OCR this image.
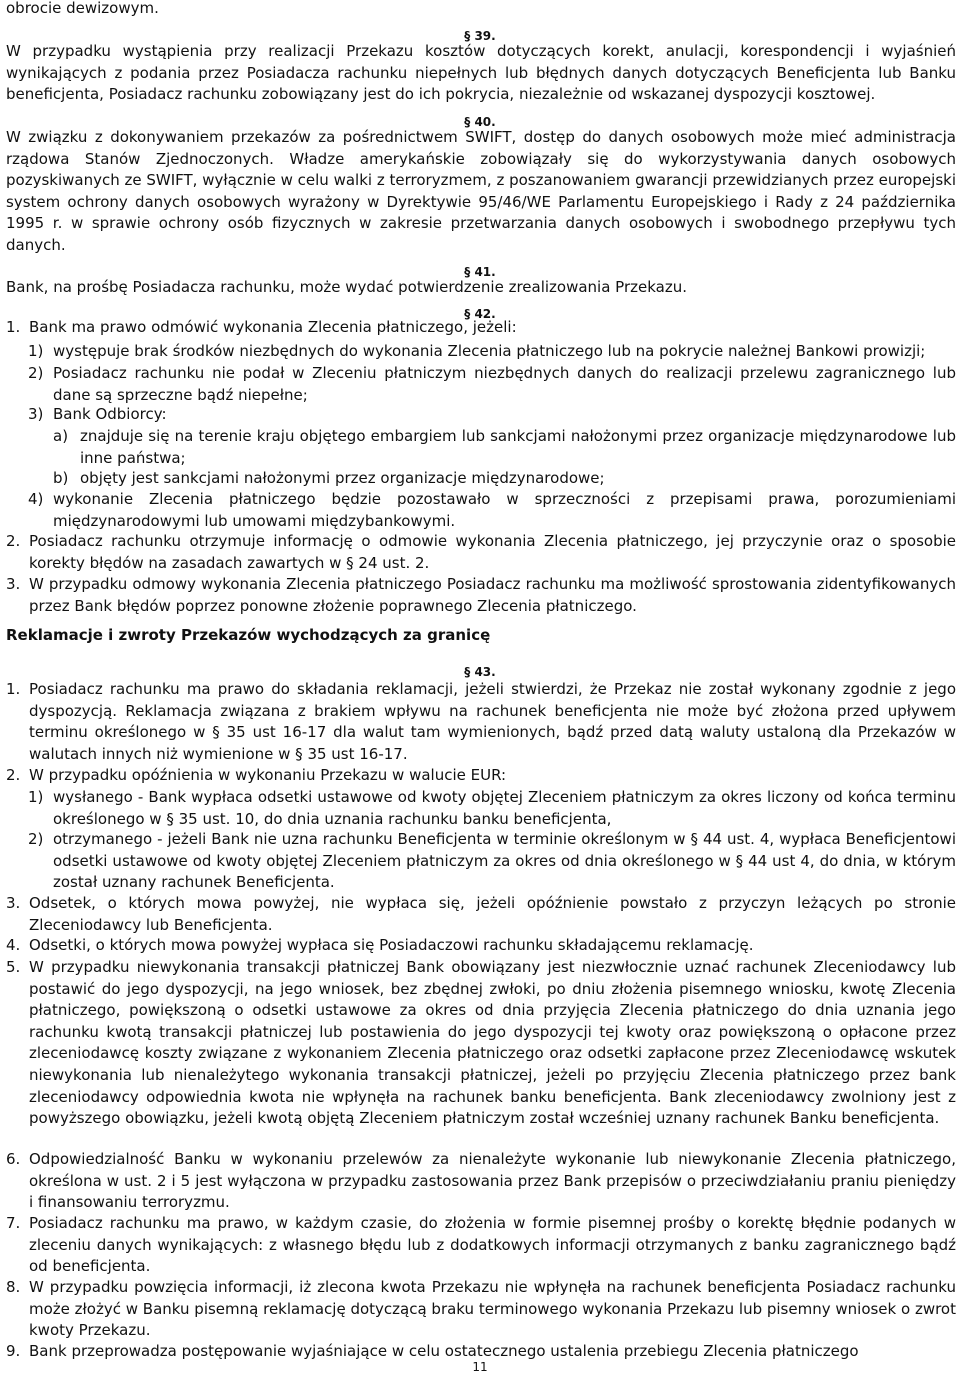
obrocie dewizowym.

§ 39.

W przypadku wystąpienia przy realizacji Przekazu kosztów dotyczących korekt, anulacji, korespondencji i wyjaśnień wynikających z podania przez Posiadacza rachunku niepełnych lub błędnych danych dotyczących Beneficjenta lub Banku beneficjenta, Posiadacz rachunku zobowiązany jest do ich pokrycia, niezależnie od wskazanej dyspozycji kosztowej.

§ 40.

W związku z dokonywaniem przekazów za pośrednictwem SWIFT, dostęp do danych osobowych może mieć administracja rządowa Stanów Zjednoczonych. Władze amerykańskie zobowiązały się do wykorzystywania danych osobowych pozyskiwanych ze SWIFT, wyłącznie w celu walki z terroryzmem, z poszanowaniem gwarancji przewidzianych przez europejski system ochrony danych osobowych wyrażony w Dyrektywie 95/46/WE Parlamentu Europejskiego i Rady z 24 października 1995 r. w sprawie ochrony osób fizycznych w zakresie przetwarzania danych osobowych i swobodnego przepływu tych danych.

§ 41.

Bank, na prośbę Posiadacza rachunku, może wydać potwierdzenie zrealizowania Przekazu.

§ 42.
1. Bank ma prawo odmówić wykonania Zlecenia płatniczego, jeżeli:

1) występuje brak środków niezbędnych do wykonania Zlecenia płatniczego lub na pokrycie należnej Bankowi prowizji;

2) Posiadacz rachunku nie podał w Zleceniu płatniczym niezbędnych danych do realizacji przelewu zagranicznego lub dane są sprzeczne bądź niepełne;

3) Bank Odbiorcy:

a) znajduje się na terenie kraju objętego embargiem lub sankcjami nałożonymi przez organizacje międzynarodowe lub inne państwa;

b) objęty jest sankcjami nałożonymi przez organizacje międzynarodowe;

4) wykonanie Zlecenia płatniczego będzie pozostawało w sprzeczności z przepisami prawa, porozumieniami międzynarodowymi lub umowami międzybankowymi.

2. Posiadacz rachunku otrzymuje informację o odmowie wykonania Zlecenia płatniczego, jej przyczynie oraz o sposobie korekty błędów na zasadach zawartych w § 24 ust. 2.

3. W przypadku odmowy wykonania Zlecenia płatniczego Posiadacz rachunku ma możliwość sprostowania zidentyfikowanych przez Bank błędów poprzez ponowne złożenie poprawnego Zlecenia płatniczego.

Reklamacje i zwroty Przekazów wychodzących za granicę

§ 43.
1. Posiadacz rachunku ma prawo do składania reklamacji, jeżeli stwierdzi, że Przekaz nie został wykonany zgodnie z jego dyspozycją. Reklamacja związana z brakiem wpływu na rachunek beneficjenta nie może być złożona przed upływem terminu określonego w § 35 ust 16-17 dla walut tam wymienionych, bądź przed datą waluty ustaloną dla Przekazów w walutach innych niż wymienione w § 35 ust 16-17.

2. W przypadku opóźnienia w wykonaniu Przekazu w walucie EUR:

1) wysłanego - Bank wypłaca odsetki ustawowe od kwoty objętej Zleceniem płatniczym za okres liczony od końca terminu określonego w § 35 ust. 10, do dnia uznania rachunku banku beneficjenta,

2) otrzymanego - jeżeli Bank nie uzna rachunku Beneficjenta w terminie określonym w § 44 ust. 4, wypłaca Beneficjentowi odsetki ustawowe od kwoty objętej Zleceniem płatniczym za okres od dnia określonego w § 44 ust 4, do dnia, w którym został uznany rachunek Beneficjenta.

3. Odsetek, o których mowa powyżej, nie wypłaca się, jeżeli opóźnienie powstało z przyczyn leżących po stronie Zleceniodawcy lub Beneficjenta.

4. Odsetki, o których mowa powyżej wypłaca się Posiadaczowi rachunku składającemu reklamację.

5. W przypadku niewykonania transakcji płatniczej Bank obowiązany jest niezwłocznie uznać rachunek Zleceniodawcy lub postawić do jego dyspozycji, na jego wniosek, bez zbędnej zwłoki, po dniu złożenia pisemnego wniosku, kwotę Zlecenia płatniczego, powiększoną o odsetki ustawowe za okres od dnia przyjęcia Zlecenia płatniczego do dnia uznania jego rachunku kwotą transakcji płatniczej lub postawienia do jego dyspozycji tej kwoty oraz powiększoną o opłacone przez zleceniodawcę koszty związane z wykonaniem Zlecenia płatniczego oraz odsetki zapłacone przez Zleceniodawcę wskutek niewykonania lub nienależytego wykonania transakcji płatniczej, jeżeli po przyjęciu Zlecenia płatniczego przez bank zleceniodawcy odpowiednia kwota nie wpłynęła na rachunek banku beneficjenta. Bank zleceniodawcy zwolniony jest z powyższego obowiązku, jeżeli kwotą objętą Zleceniem płatniczym został wcześniej uznany rachunek Banku beneficjenta.

6. Odpowiedzialność Banku w wykonaniu przelewów za nienależyte wykonanie lub niewykonanie Zlecenia płatniczego, określona w ust. 2 i 5 jest wyłączona w przypadku zastosowania przez Bank przepisów o przeciwdziałaniu praniu pieniędzy i finansowaniu terroryzmu.

7. Posiadacz rachunku ma prawo, w każdym czasie, do złożenia w formie pisemnej prośby o korektę błędnie podanych w zleceniu danych wynikających: z własnego błędu lub z dodatkowych informacji otrzymanych z banku zagranicznego bądź od beneficjenta.

8. W przypadku powzięcia informacji, iż zlecona kwota Przekazu nie wpłynęła na rachunek beneficjenta Posiadacz rachunku może złożyć w Banku pisemną reklamację dotyczącą braku terminowego wykonania Przekazu lub pisemny wniosek o zwrot kwoty Przekazu.

9. Bank przeprowadza postępowanie wyjaśniające w celu ostatecznego ustalenia przebiegu Zlecenia płatniczego

11
